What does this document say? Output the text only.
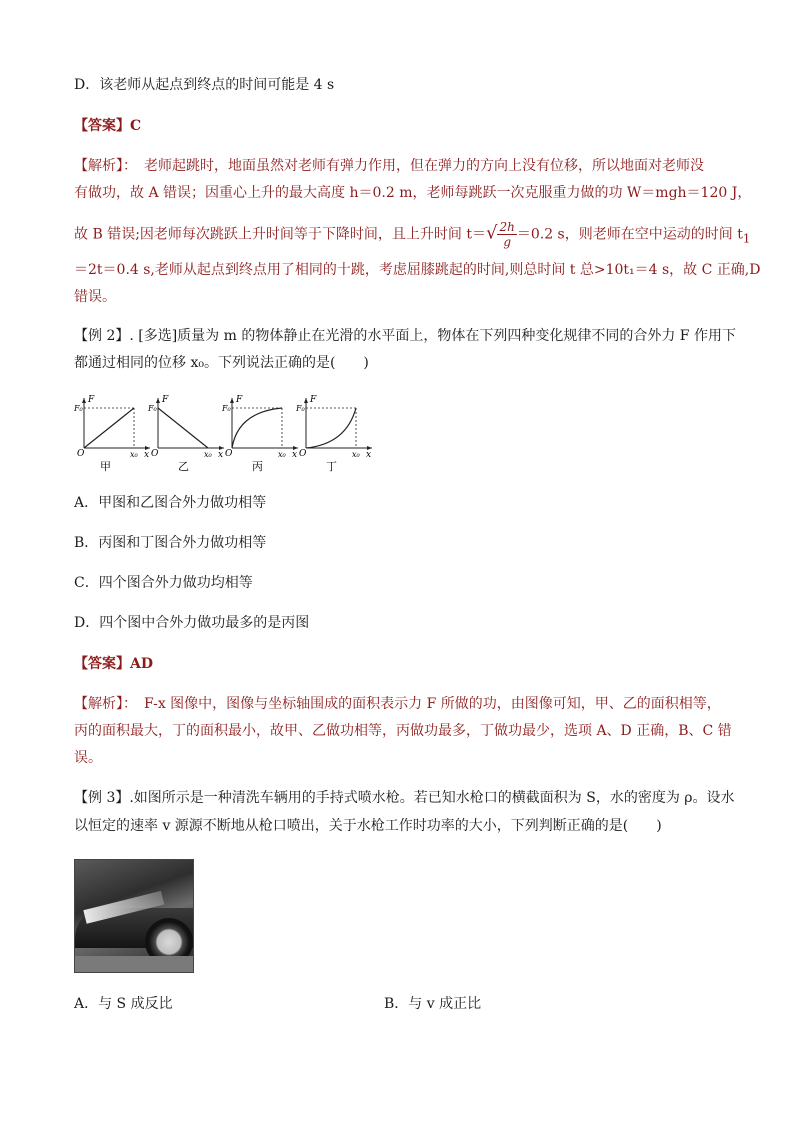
D．该老师从起点到终点的时间可能是 4 s
【答案】C
【解析】：　老师起跳时，地面虽然对老师有弹力作用，但在弹力的方向上没有位移，所以地面对老师没
有做功，故 A 错误；因重心上升的最大高度 h＝0.2 m，老师每跳跃一次克服重力做的功 W＝mgh＝120 J，
故 B 错误;因老师每次跳跃上升时间等于下降时间，且上升时间 $t=√ \frac{2h}{g} =0.2$ s，则老师在空中运动的时间 $t_1$
＝2t＝0.4 s,老师从起点到终点用了相同的十跳，考虑屈膝跳起的时间,则总时间 t 总>10t₁＝4 s，故 C 正确,D
错误。
【例 2】. [多选]质量为 m 的物体静止在光滑的水平面上，物体在下列四种变化规律不同的合外力 F 作用下
都通过相同的位移 x₀。下列说法正确的是(　　)
F
F₀
O	x₀ x
甲
F
F₀
O	x₀ x
乙
F
F₀
O	x₀ x
丙
F
F₀
O	x₀ x
丁
A．甲图和乙图合外力做功相等
B．丙图和丁图合外力做功相等
C．四个图合外力做功均相等
D．四个图中合外力做功最多的是丙图
【答案】AD
【解析】：　F-x 图像中，图像与坐标轴围成的面积表示力 F 所做的功，由图像可知，甲、乙的面积相等，
丙的面积最大，丁的面积最小，故甲、乙做功相等，丙做功最多，丁做功最少，选项 A、D 正确，B、C 错
误。
【例 3】.如图所示是一种清洗车辆用的手持式喷水枪。若已知水枪口的横截面积为 S，水的密度为 ρ。设水
以恒定的速率 v 源源不断地从枪口喷出，关于水枪工作时功率的大小，下列判断正确的是(　　)
A．与 S 成反比	B．与 v 成正比
